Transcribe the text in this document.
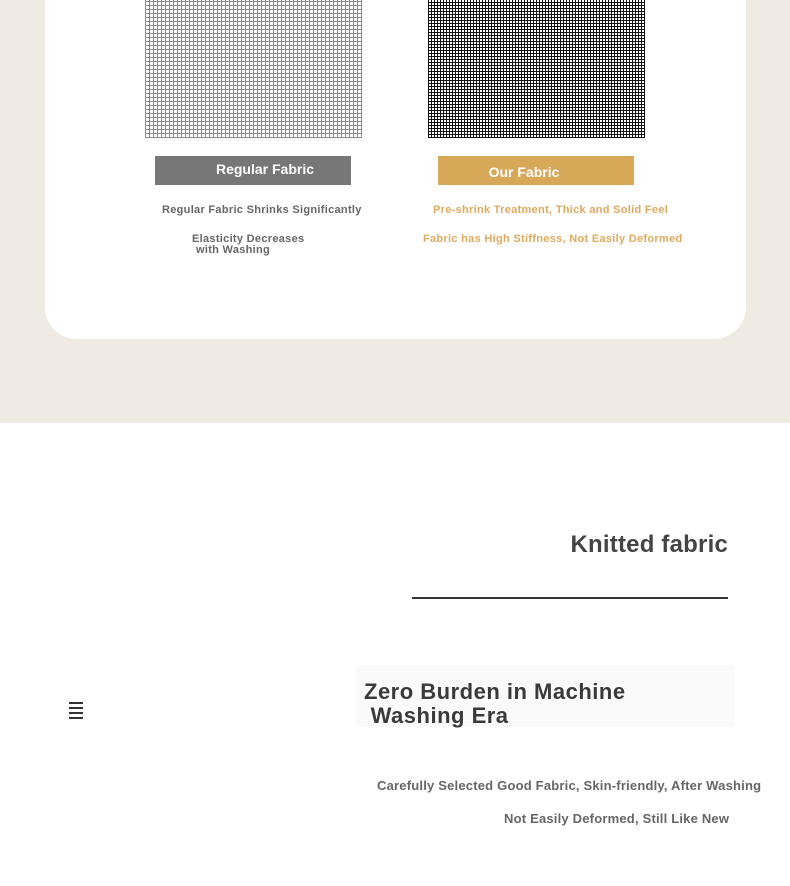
Regular Fabric	Our Fabric
Regular Fabric Shrinks Significantly
Elasticity Decreases
with Washing
Pre-shrink Treatment, Thick and Solid Feel
Fabric has High Stiffness, Not Easily Deformed
Knitted fabric
Zero Burden in Machine
Washing Era
Carefully Selected Good Fabric, Skin-friendly, After Washing
Not Easily Deformed, Still Like New
